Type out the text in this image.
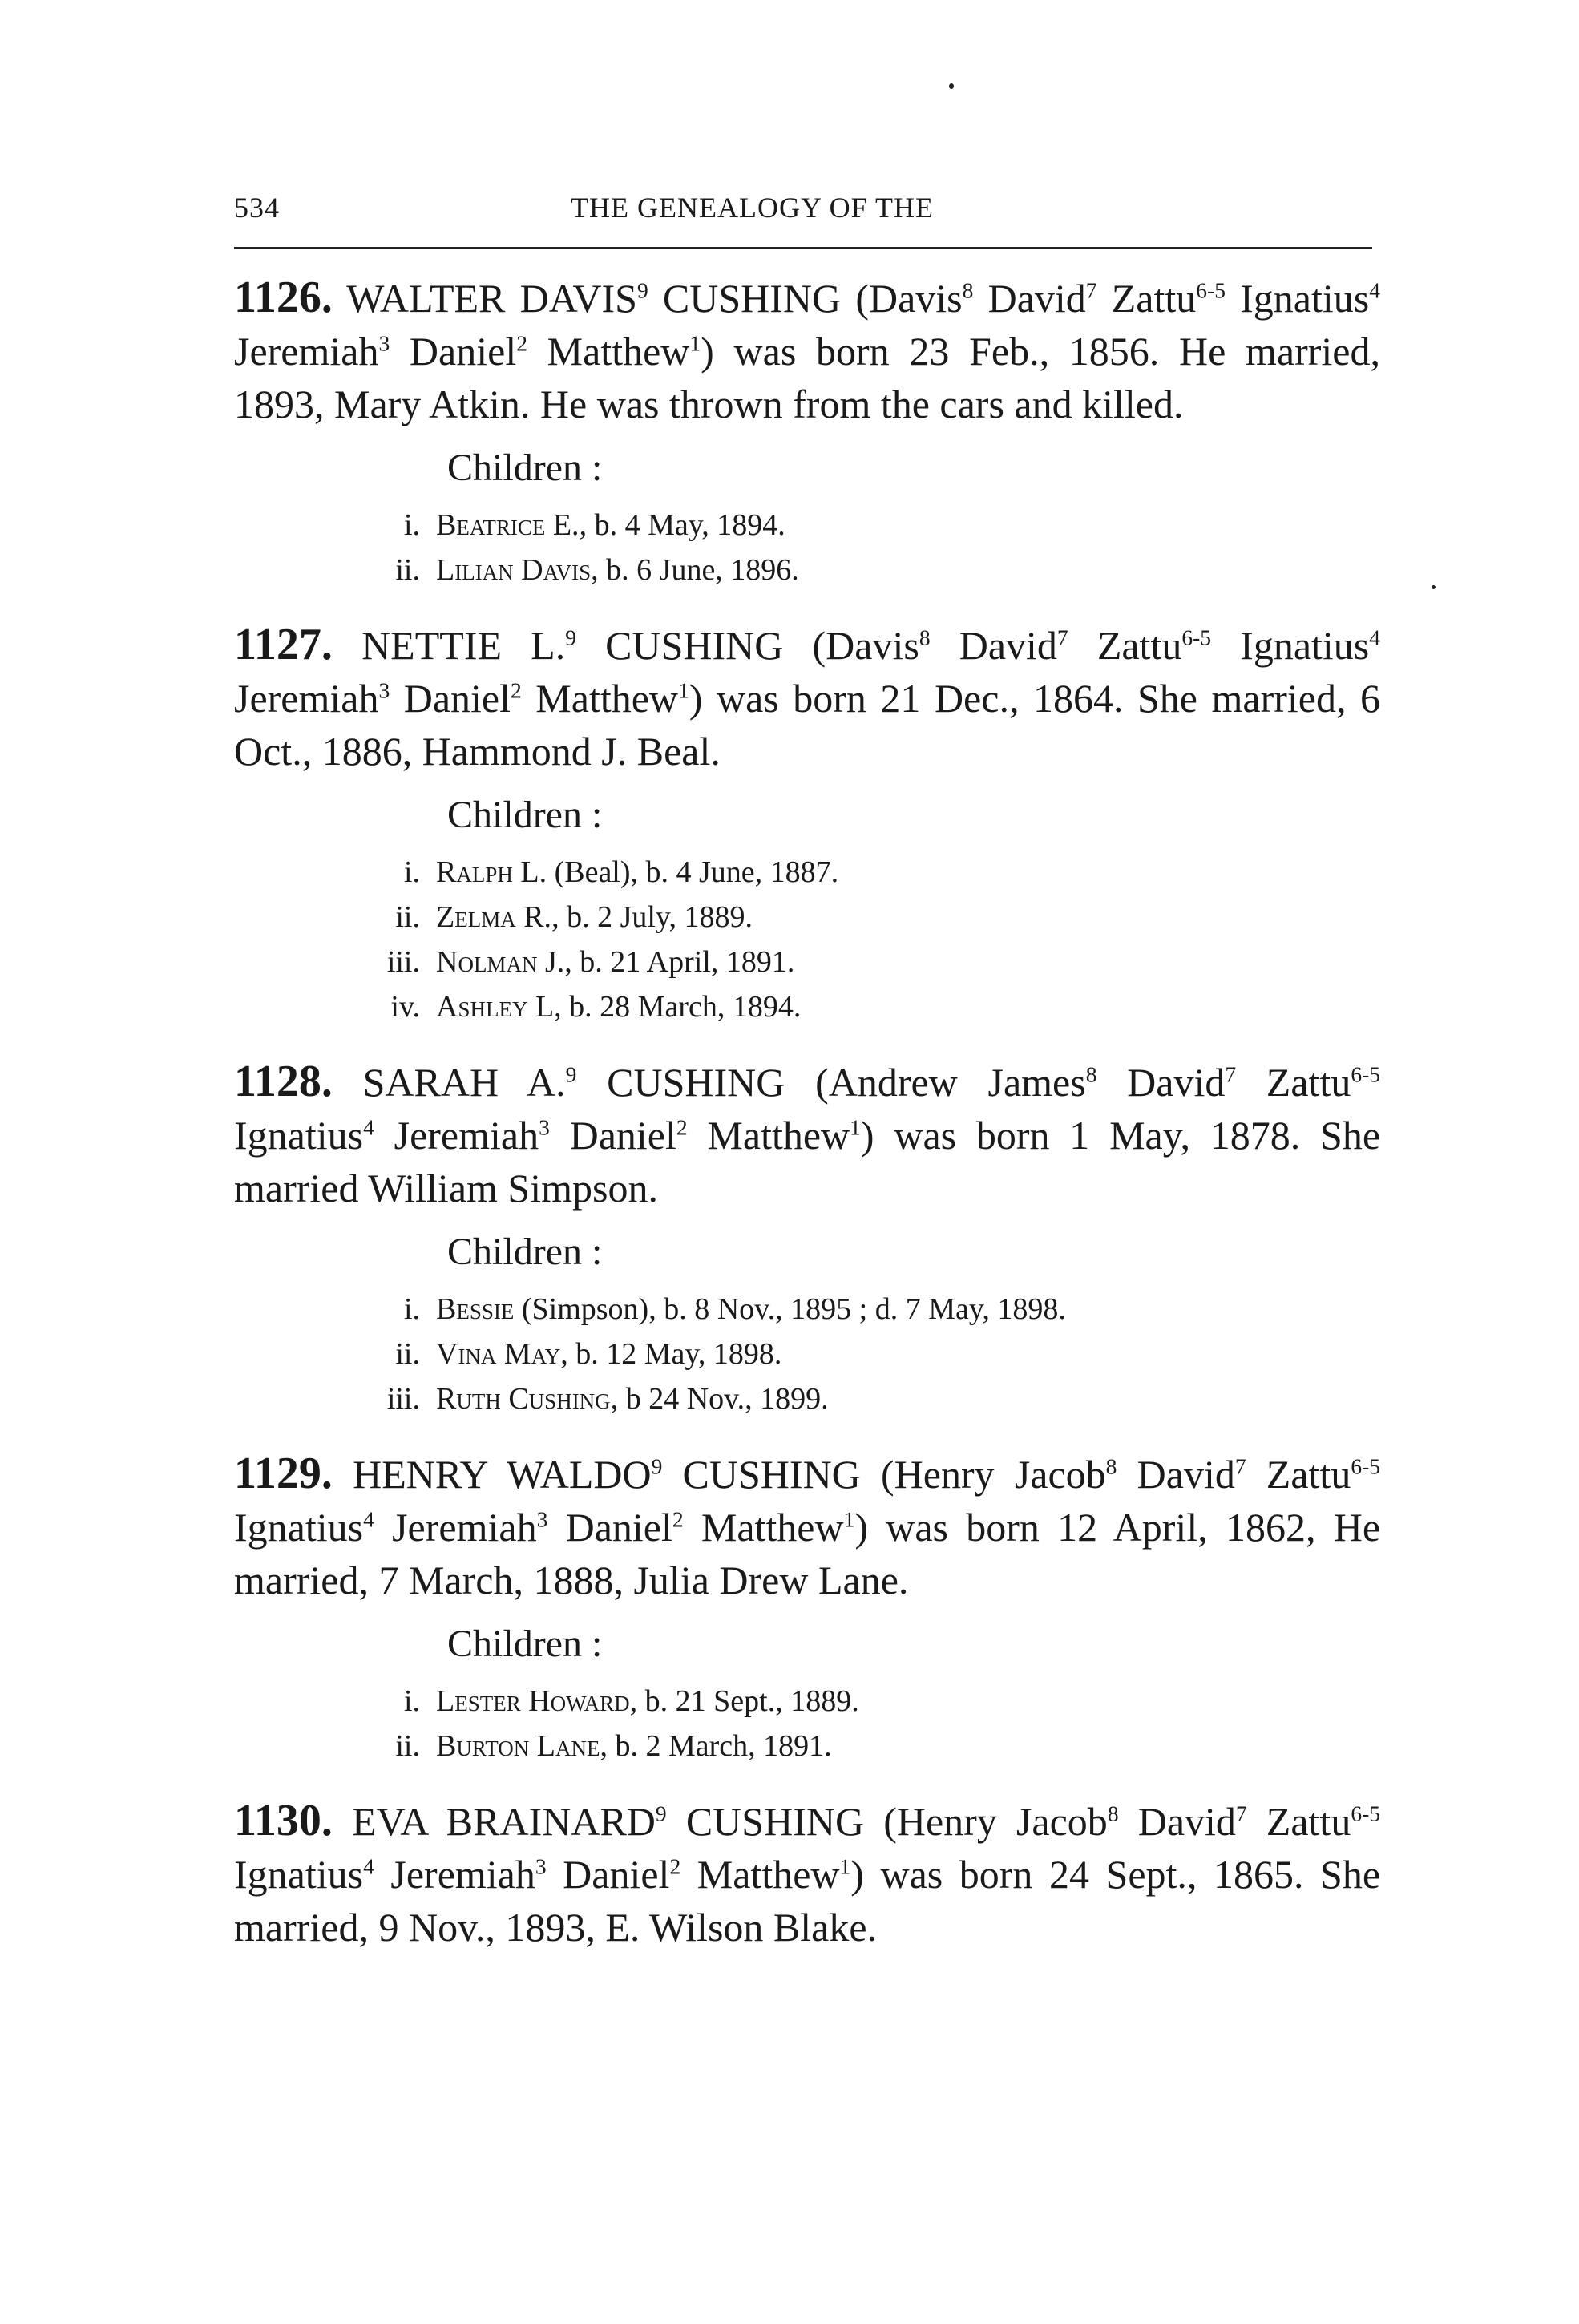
534	THE GENEALOGY OF THE

1126. WALTER DAVIS$^9$ CUSHING (Davis$^8$ David$^7$ Zattu$^{6-5}$ Ignatius$^4$ Jeremiah$^3$ Daniel$^2$ Matthew$^1$) was born 23 Feb., 1856. He married, 1893, Mary Atkin. He was thrown from the cars and killed.

Children :
i. Beatrice E., b. 4 May, 1894.
ii. Lilian Davis, b. 6 June, 1896.

1127. NETTIE L.$^9$ CUSHING (Davis$^8$ David$^7$ Zattu$^{6-5}$ Ignatius$^4$ Jeremiah$^3$ Daniel$^2$ Matthew$^1$) was born 21 Dec., 1864. She married, 6 Oct., 1886, Hammond J. Beal.

Children :
i. Ralph L. (Beal), b. 4 June, 1887.
ii. Zelma R., b. 2 July, 1889.
iii. Nolman J., b. 21 April, 1891.
iv. Ashley L, b. 28 March, 1894.

1128. SARAH A.$^9$ CUSHING (Andrew James$^8$ David$^7$ Zattu$^{6-5}$ Ignatius$^4$ Jeremiah$^3$ Daniel$^2$ Matthew$^1$) was born 1 May, 1878. She married William Simpson.

Children :
i. Bessie (Simpson), b. 8 Nov., 1895 ; d. 7 May, 1898.
ii. Vina May, b. 12 May, 1898.
iii. Ruth Cushing, b 24 Nov., 1899.

1129. HENRY WALDO$^9$ CUSHING (Henry Jacob$^8$ David$^7$ Zattu$^{6-5}$ Ignatius$^4$ Jeremiah$^3$ Daniel$^2$ Matthew$^1$) was born 12 April, 1862, He married, 7 March, 1888, Julia Drew Lane.

Children :
i. Lester Howard, b. 21 Sept., 1889.
ii. Burton Lane, b. 2 March, 1891.

1130. EVA BRAINARD$^9$ CUSHING (Henry Jacob$^8$ David$^7$ Zattu$^{6-5}$ Ignatius$^4$ Jeremiah$^3$ Daniel$^2$ Matthew$^1$) was born 24 Sept., 1865. She married, 9 Nov., 1893, E. Wilson Blake.
